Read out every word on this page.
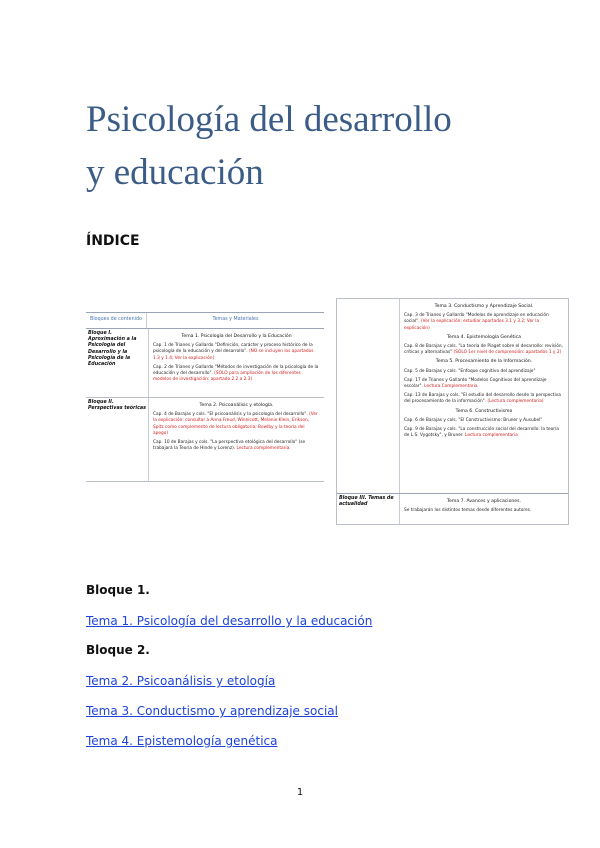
Psicología del desarrollo
y educación
ÍNDICE
Bloques de contenido	Temas y Materiales
Bloque I. Aproximación a la Psicología del Desarrollo y la Psicología de la Educación
Tema 1. Psicología del Desarrollo y la Educación
Cap. 1 de Trianes y Gallardo "Definición, carácter y proceso histórico de la psicología de la educación y del desarrollo". (NO se incluyen los apartados 1.3 y 1.4; Ver la explicación)
Cap. 2 de Trianes y Gallardo "Métodos de investigación de la psicología de la educación y del desarrollo". (SOLO para ampliación de los diferentes modelos de investigación: apartado 2.2 a 2.3)
Bloque II. Perspectivas teóricas
Tema 2. Psicoanálisis y etología.
Cap. 4 de Barajas y cols. "El psicoanálisis y la psicología del desarrollo". (Ver la explicación: consultar a Anna Freud, Winnicott, Melanie Klein, Erikson, Spitz como complemento de lectura obligatoria; Bowlby y la teoría del apego)
Cap. 10 de Barajas y cols. "La perspectiva etológica del desarrollo" (se trabajará la Teoría de Hinde y Lorenz). Lectura complementaria.
Tema 3. Conductismo y Aprendizaje Social.
Cap. 3 de Trianes y Gallardo "Modelos de aprendizaje en educación social". (Ver la explicación: estudiar apartados 3.1 y 3.2; Ver la explicación)
Tema 4. Epistemología Genética
Cap. 8 de Barajas y cols. "La teoría de Piaget sobre el desarrollo: revisión, críticas y alternativas" (SOLO 1er nivel de comprensión: apartados 1 y 2)
Tema 5. Procesamiento de la Información.
Cap. 5 de Barajas y cols. "Enfoque cognitivo del aprendizaje"
Cap. 17 de Trianes y Gallardo "Modelos Cognitivos del aprendizaje escolar". Lectura Complementaria
Cap. 13 de Barajas y cols. "El estudio del desarrollo desde la perspectiva del procesamiento de la información". (Lectura complementaria)
Tema 6. Constructivismo
Cap. 6 de Barajas y cols. "El Constructivismo: Bruner y Ausubel"
Cap. 9 de Barajas y cols. "La construcción social del desarrollo: la teoría de L.S. Vygotsky", y Bruner. Lectura complementaria
Bloque III. Temas de actualidad
Tema 7. Avances y aplicaciones.
Se trabajarán los distintos temas desde diferentes autores.

Bloque 1.

Tema 1. Psicología del desarrollo y la educación

Bloque 2.

Tema 2. Psicoanálisis y etología
Tema 3. Conductismo y aprendizaje social
Tema 4. Epistemología genética
1
